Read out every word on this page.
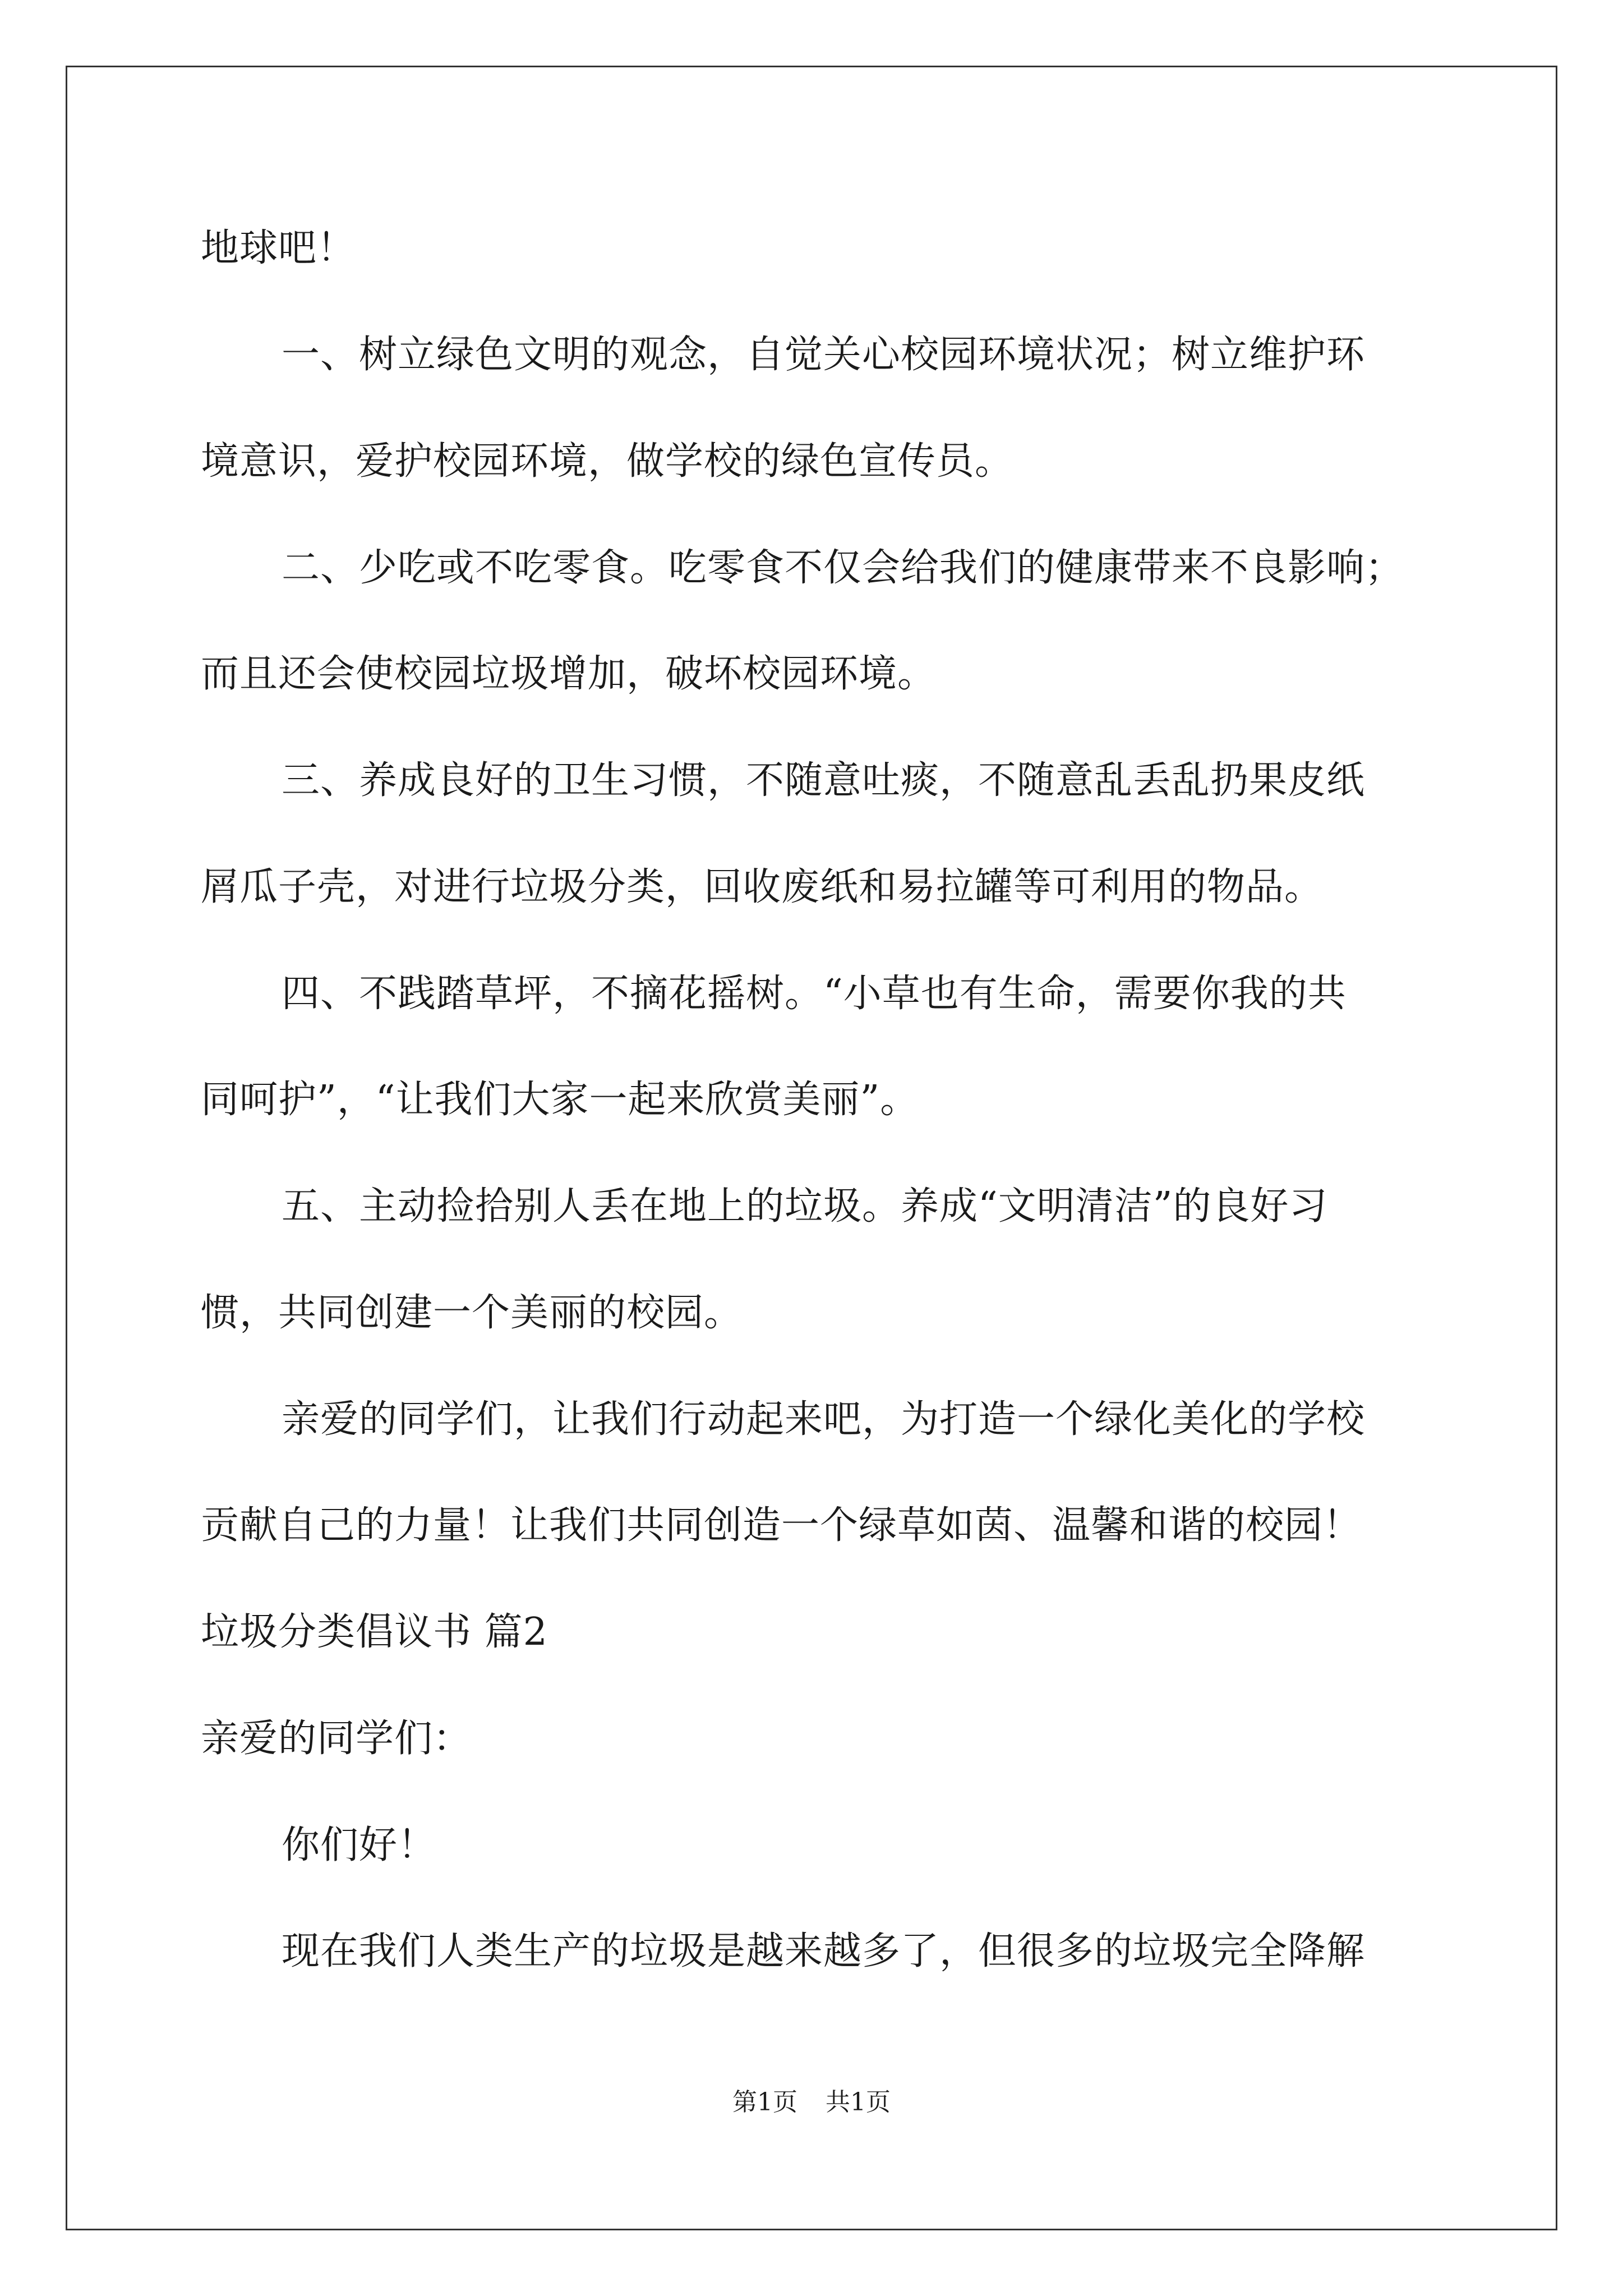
地球吧！
一、树立绿色文明的观念，自觉关心校园环境状况；树立维护环
境意识，爱护校园环境，做学校的绿色宣传员。
二、少吃或不吃零食。吃零食不仅会给我们的健康带来不良影响；
而且还会使校园垃圾增加，破坏校园环境。
三、养成良好的卫生习惯，不随意吐痰，不随意乱丢乱扔果皮纸
屑瓜子壳，对进行垃圾分类，回收废纸和易拉罐等可利用的物品。
四、不践踏草坪，不摘花摇树。“小草也有生命，需要你我的共
同呵护”，“让我们大家一起来欣赏美丽”。
五、主动捡拾别人丢在地上的垃圾。养成“文明清洁”的良好习
惯，共同创建一个美丽的校园。
亲爱的同学们，让我们行动起来吧，为打造一个绿化美化的学校
贡献自己的力量！让我们共同创造一个绿草如茵、温馨和谐的校园！
垃圾分类倡议书 篇2
亲爱的同学们：
你们好！
现在我们人类生产的垃圾是越来越多了，但很多的垃圾完全降解
第1页 共1页
